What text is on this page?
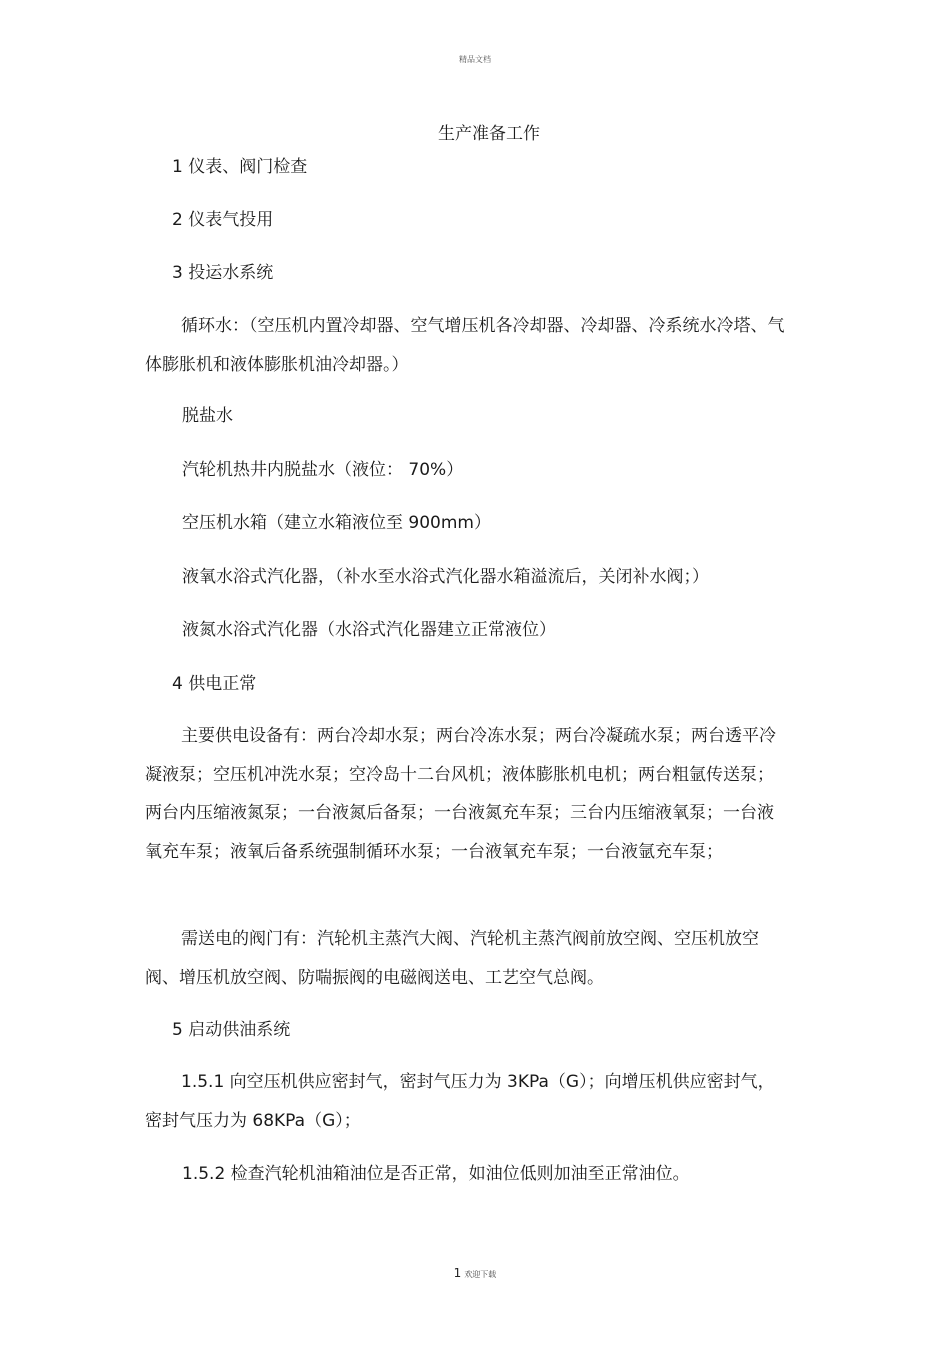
精品文档
生产准备工作
1 仪表、阀门检查
2 仪表气投用
3 投运水系统
循环水：（空压机内置冷却器、空气增压机各冷却器、冷却器、冷系统水冷塔、气体膨胀机和液体膨胀机油冷却器。）
脱盐水
汽轮机热井内脱盐水（液位： 70%）
空压机水箱（建立水箱液位至 900mm）
液氧水浴式汽化器，（补水至水浴式汽化器水箱溢流后，关闭补水阀；）
液氮水浴式汽化器（水浴式汽化器建立正常液位）
4 供电正常
主要供电设备有：两台冷却水泵；两台冷冻水泵；两台冷凝疏水泵；两台透平冷凝液泵；空压机冲洗水泵；空冷岛十二台风机；液体膨胀机电机；两台粗氩传送泵；两台内压缩液氮泵；一台液氮后备泵；一台液氮充车泵；三台内压缩液氧泵；一台液氧充车泵；液氧后备系统强制循环水泵；一台液氧充车泵；一台液氩充车泵；
需送电的阀门有：汽轮机主蒸汽大阀、汽轮机主蒸汽阀前放空阀、空压机放空阀、增压机放空阀、防喘振阀的电磁阀送电、工艺空气总阀。
5 启动供油系统
1.5.1 向空压机供应密封气，密封气压力为 3KPa（G）；向增压机供应密封气，密封气压力为 68KPa（G）；
1.5.2 检查汽轮机油箱油位是否正常，如油位低则加油至正常油位。
1 欢迎下载
